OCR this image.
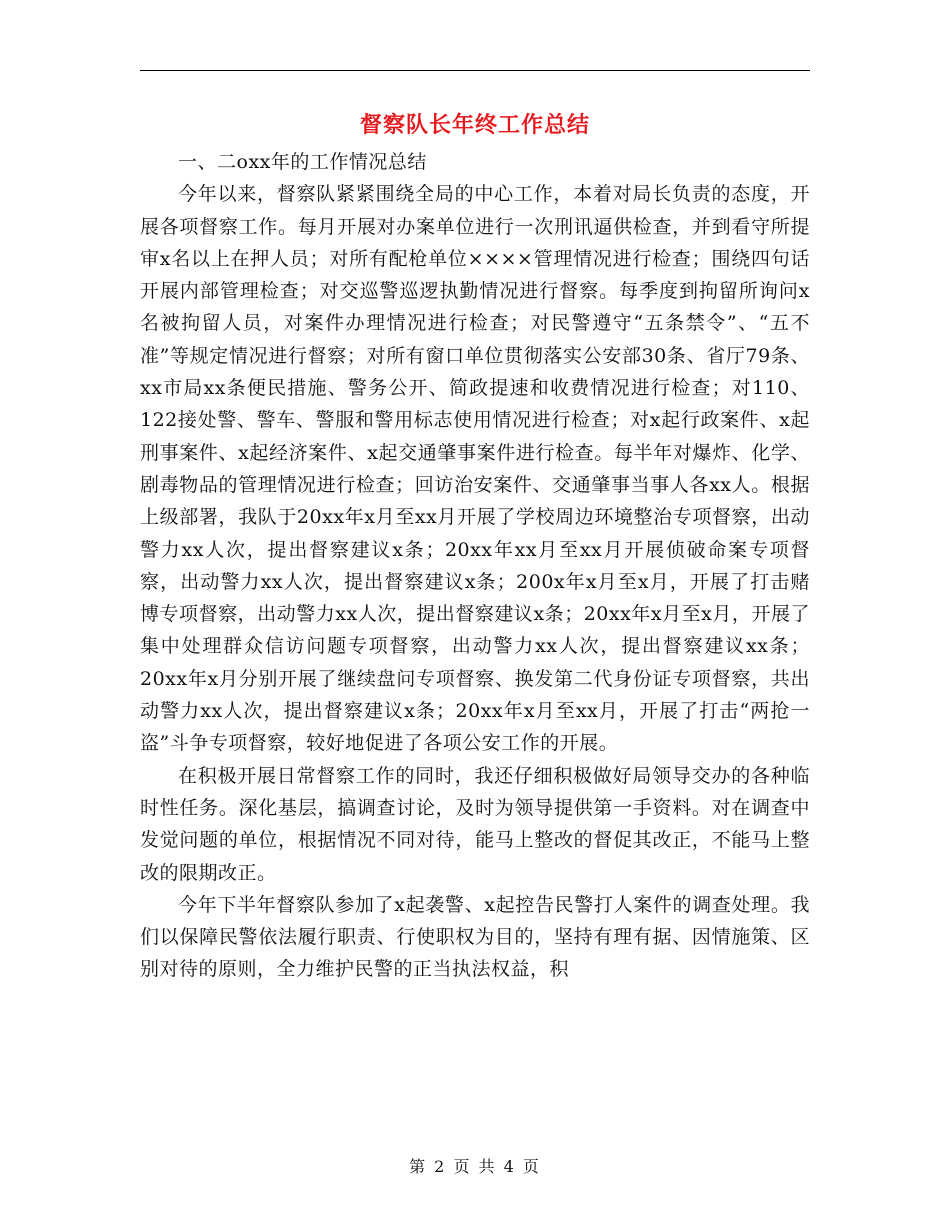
督察队长年终工作总结

一、二oxx年的工作情况总结

今年以来，督察队紧紧围绕全局的中心工作，本着对局长负责的态度，开展各项督察工作。每月开展对办案单位进行一次刑讯逼供检查，并到看守所提审x名以上在押人员；对所有配枪单位××××管理情况进行检查；围绕四句话开展内部管理检查；对交巡警巡逻执勤情况进行督察。每季度到拘留所询问x名被拘留人员，对案件办理情况进行检查；对民警遵守“五条禁令”、“五不准”等规定情况进行督察；对所有窗口单位贯彻落实公安部30条、省厅79条、xx市局xx条便民措施、警务公开、简政提速和收费情况进行检查；对110、122接处警、警车、警服和警用标志使用情况进行检查；对x起行政案件、x起刑事案件、x起经济案件、x起交通肇事案件进行检查。每半年对爆炸、化学、剧毒物品的管理情况进行检查；回访治安案件、交通肇事当事人各xx人。根据上级部署，我队于20xx年x月至xx月开展了学校周边环境整治专项督察，出动警力xx人次，提出督察建议x条；20xx年xx月至xx月开展侦破命案专项督察，出动警力xx人次，提出督察建议x条；200x年x月至x月，开展了打击赌博专项督察，出动警力xx人次，提出督察建议x条；20xx年x月至x月，开展了集中处理群众信访问题专项督察，出动警力xx人次，提出督察建议xx条；20xx年x月分别开展了继续盘问专项督察、换发第二代身份证专项督察，共出动警力xx人次，提出督察建议x条；20xx年x月至xx月，开展了打击“两抢一盗”斗争专项督察，较好地促进了各项公安工作的开展。

在积极开展日常督察工作的同时，我还仔细积极做好局领导交办的各种临时性任务。深化基层，搞调查讨论，及时为领导提供第一手资料。对在调查中发觉问题的单位，根据情况不同对待，能马上整改的督促其改正，不能马上整改的限期改正。

今年下半年督察队参加了x起袭警、x起控告民警打人案件的调查处理。我们以保障民警依法履行职责、行使职权为目的，坚持有理有据、因情施策、区别对待的原则，全力维护民警的正当执法权益，积

第 2 页 共 4 页
